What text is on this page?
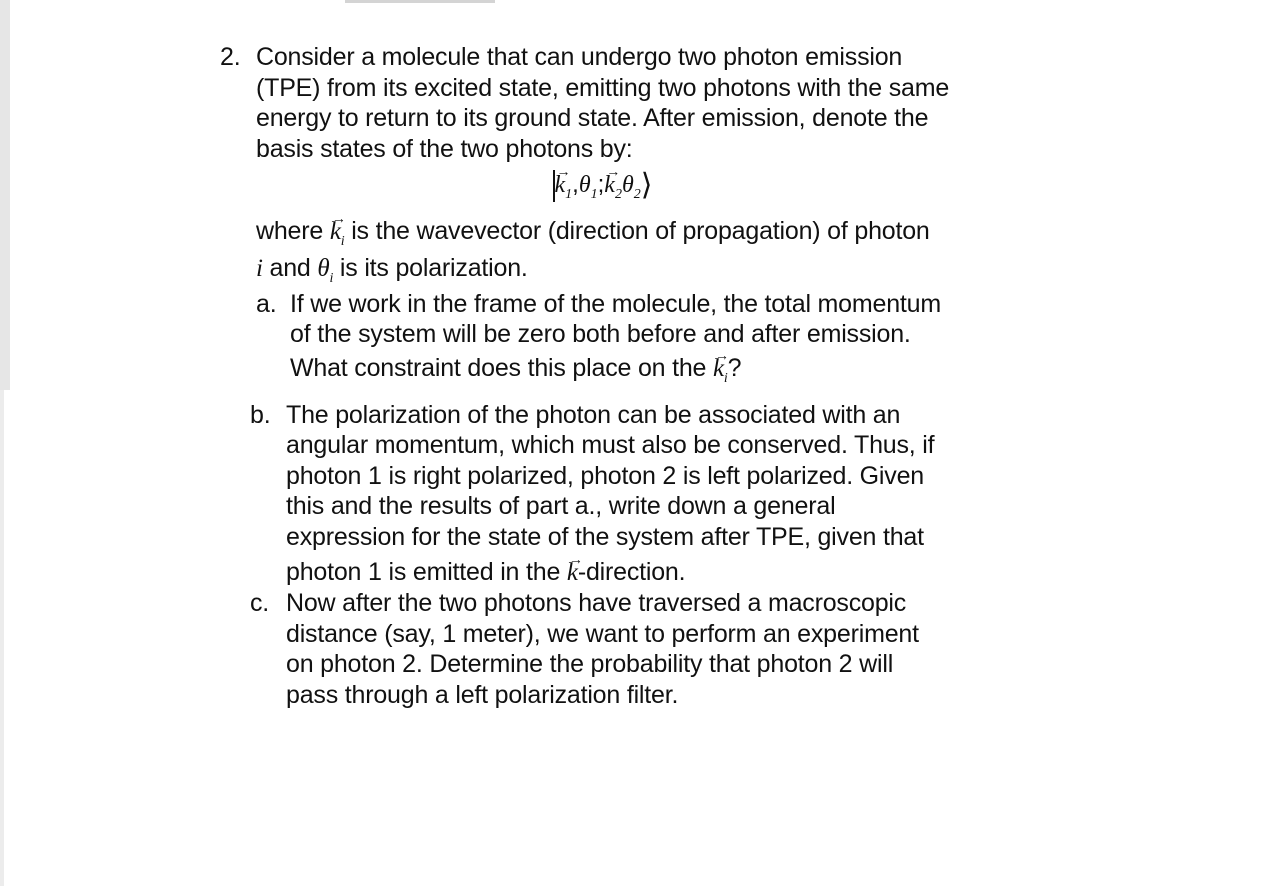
2. Consider a molecule that can undergo two photon emission
(TPE) from its excited state, emitting two photons with the same
energy to return to its ground state. After emission, denote the
basis states of the two photons by:
→ $k_1,\theta_1;\to$ $k_2\theta_2⟩$
where → $k_i$ is the wavevector (direction of propagation) of photon
i and $\theta_i$ is its polarization.
a. If we work in the frame of the molecule, the total momentum
of the system will be zero both before and after emission.
What constraint does this place on the → $k_i$?
b. The polarization of the photon can be associated with an
angular momentum, which must also be conserved. Thus, if
photon 1 is right polarized, photon 2 is left polarized. Given
this and the results of part a., write down a general
expression for the state of the system after TPE, given that
photon 1 is emitted in the → k-direction.
c. Now after the two photons have traversed a macroscopic
distance (say, 1 meter), we want to perform an experiment
on photon 2. Determine the probability that photon 2 will
pass through a left polarization filter.
